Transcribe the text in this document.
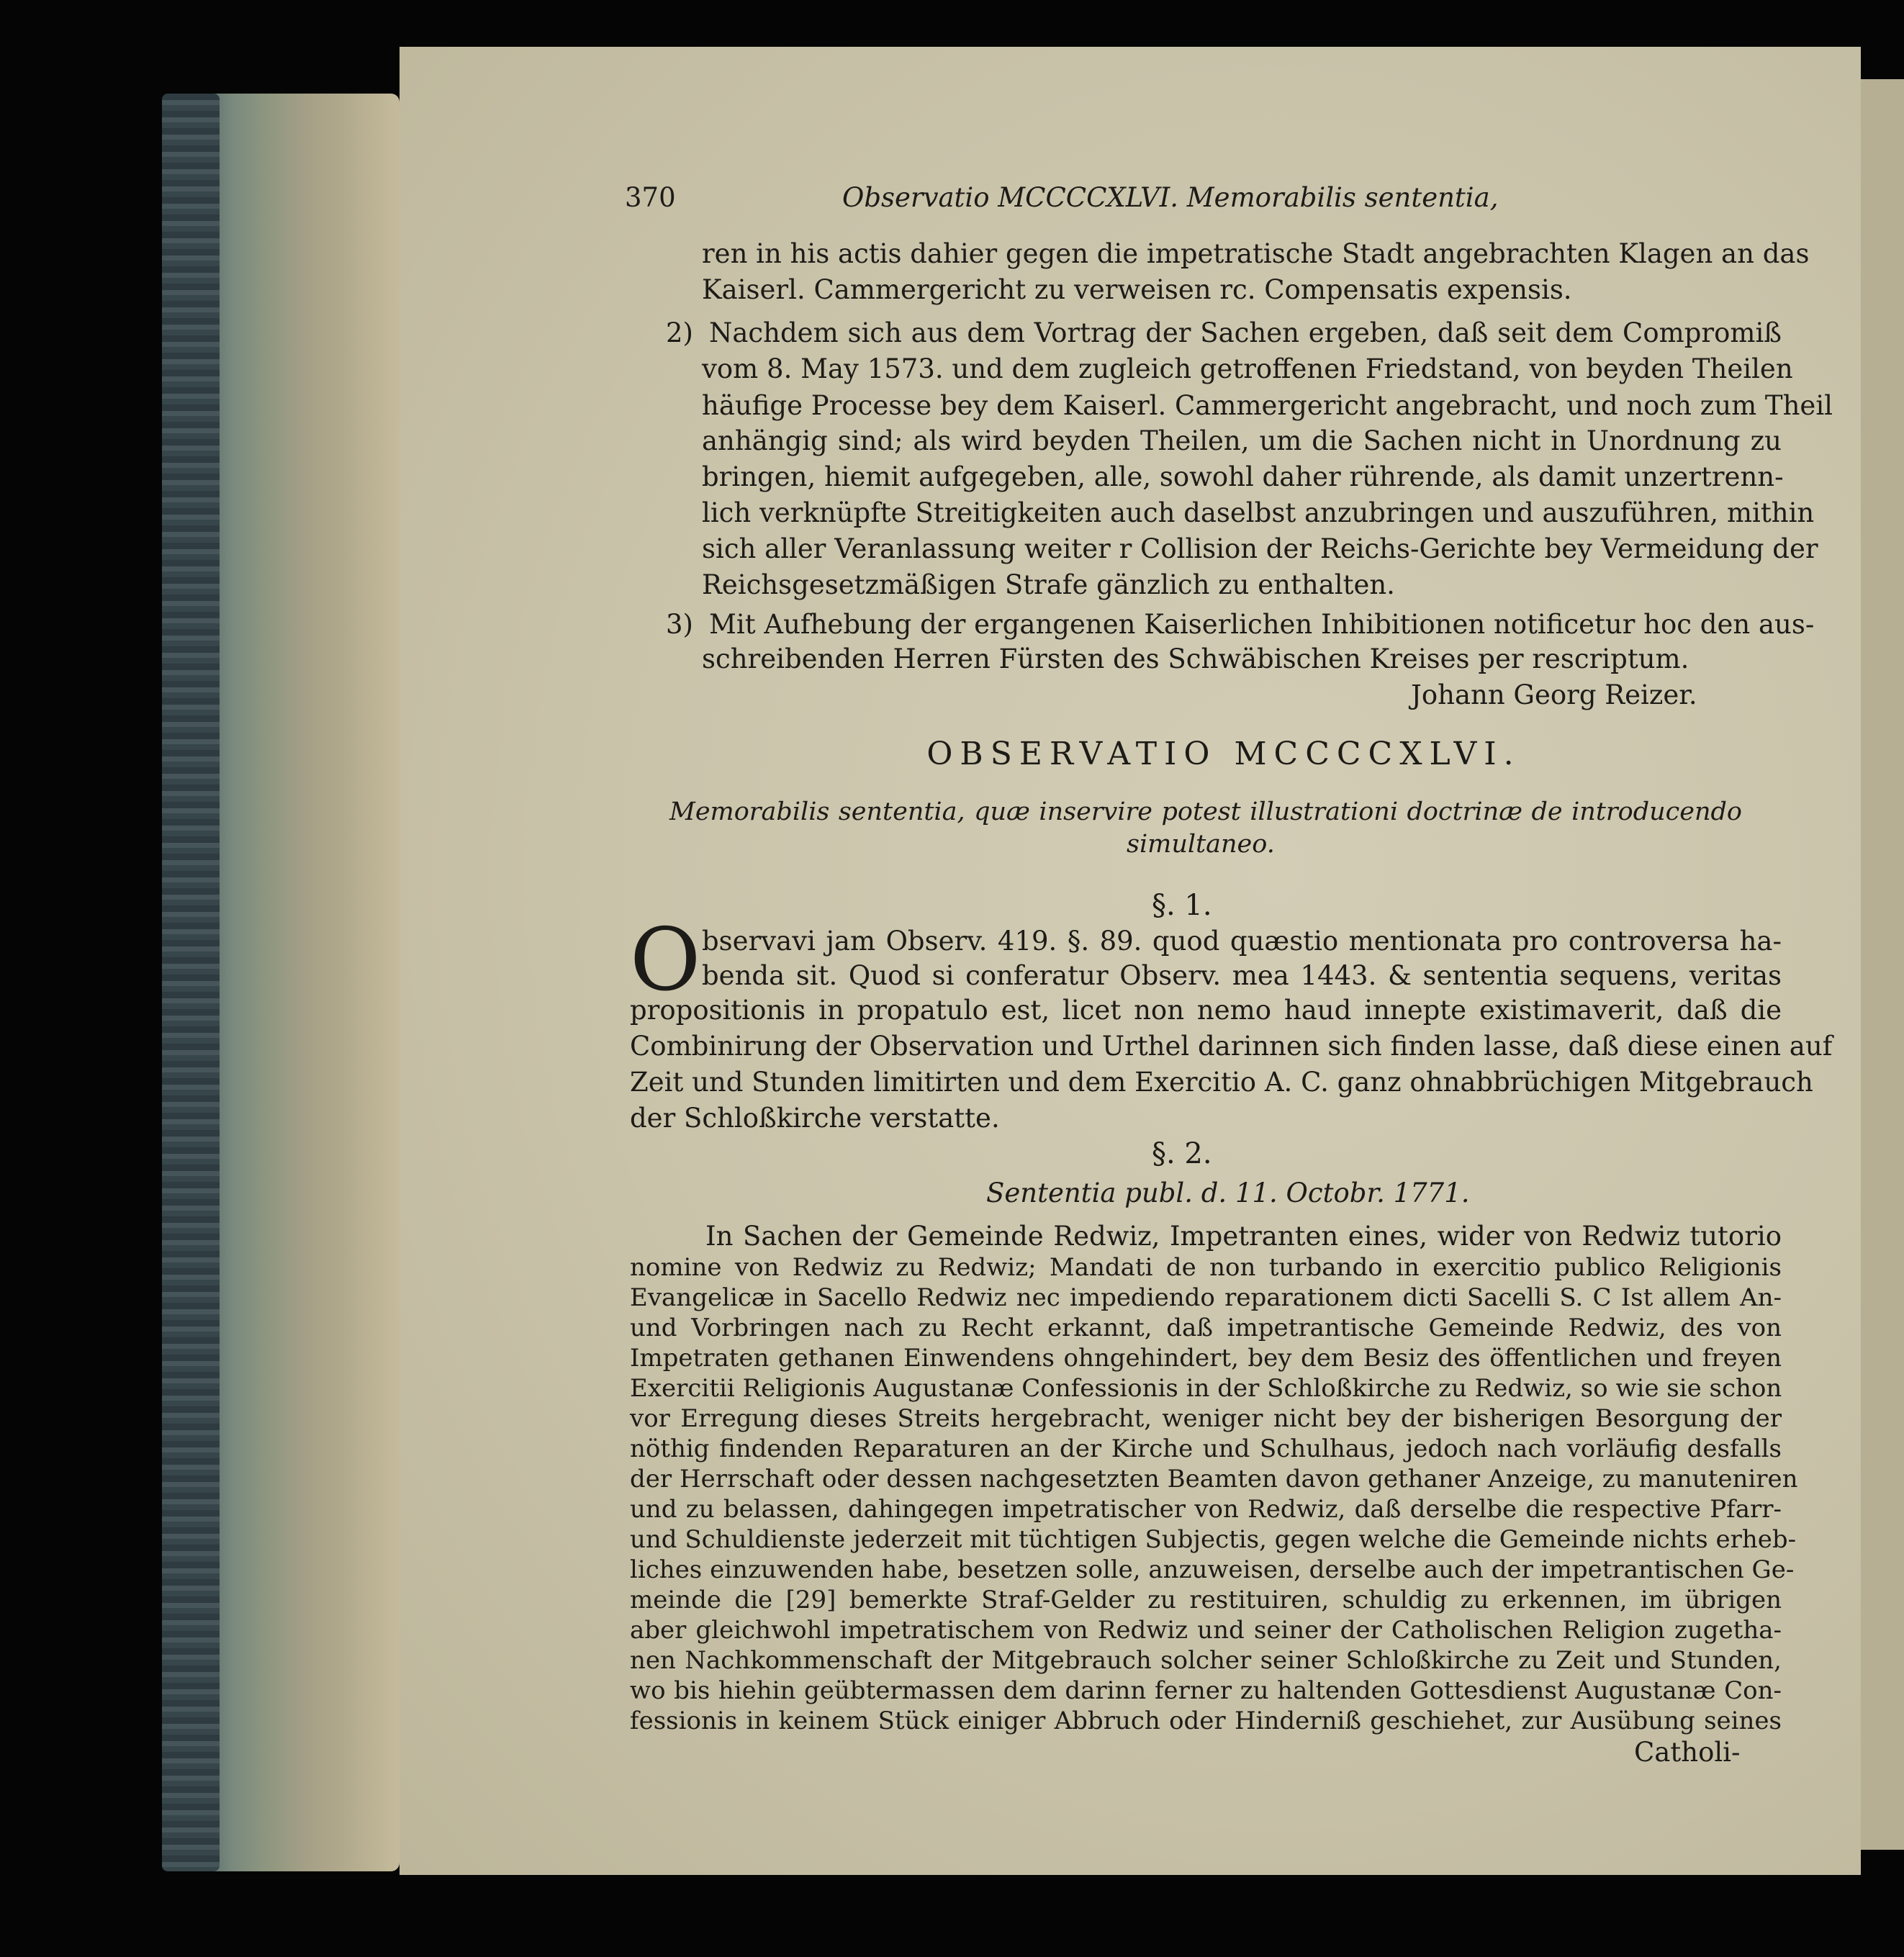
370	Observatio MCCCCXLVI. Memorabilis sententia,
ren in his actis dahier gegen die impetratische Stadt angebrachten Klagen an das
Kaiserl. Cammergericht zu verweisen rc. Compensatis expensis.
2) Nachdem sich aus dem Vortrag der Sachen ergeben, daß seit dem Compromiß
vom 8. May 1573. und dem zugleich getroffenen Friedstand, von beyden Theilen
häufige Processe bey dem Kaiserl. Cammergericht angebracht, und noch zum Theil
anhängig sind; als wird beyden Theilen, um die Sachen nicht in Unordnung zu
bringen, hiemit aufgegeben, alle, sowohl daher rührende, als damit unzertrenn-
lich verknüpfte Streitigkeiten auch daselbst anzubringen und auszuführen, mithin
sich aller Veranlassung weiter r Collision der Reichs-Gerichte bey Vermeidung der
Reichsgesetzmäßigen Strafe gänzlich zu enthalten.
3) Mit Aufhebung der ergangenen Kaiserlichen Inhibitionen notificetur hoc den aus-
schreibenden Herren Fürsten des Schwäbischen Kreises per rescriptum.
Johann Georg Reizer.
OBSERVATIO MCCCCXLVI.
Memorabilis sententia, quæ inservire potest illustrationi doctrinæ de introducendo
simultaneo.
§. 1.
O bservavi jam Observ. 419. §. 89. quod quæstio mentionata pro controversa ha-
benda sit. Quod si conferatur Observ. mea 1443. & sententia sequens, veritas
propositionis in propatulo est, licet non nemo haud innepte existimaverit, daß die
Combinirung der Observation und Urthel darinnen sich finden lasse, daß diese einen auf
Zeit und Stunden limitirten und dem Exercitio A. C. ganz ohnabbrüchigen Mitgebrauch
der Schloßkirche verstatte.
§. 2.
Sententia publ. d. 11. Octobr. 1771.
In Sachen der Gemeinde Redwiz, Impetranten eines, wider von Redwiz tutorio
nomine von Redwiz zu Redwiz; Mandati de non turbando in exercitio publico Religionis
Evangelicæ in Sacello Redwiz nec impediendo reparationem dicti Sacelli S. C Ist allem An-
und Vorbringen nach zu Recht erkannt, daß impetrantische Gemeinde Redwiz, des von
Impetraten gethanen Einwendens ohngehindert, bey dem Besiz des öffentlichen und freyen
Exercitii Religionis Augustanæ Confessionis in der Schloßkirche zu Redwiz, so wie sie schon
vor Erregung dieses Streits hergebracht, weniger nicht bey der bisherigen Besorgung der
nöthig findenden Reparaturen an der Kirche und Schulhaus, jedoch nach vorläufig desfalls
der Herrschaft oder dessen nachgesetzten Beamten davon gethaner Anzeige, zu manuteniren
und zu belassen, dahingegen impetratischer von Redwiz, daß derselbe die respective Pfarr-
und Schuldienste jederzeit mit tüchtigen Subjectis, gegen welche die Gemeinde nichts erheb-
liches einzuwenden habe, besetzen solle, anzuweisen, derselbe auch der impetrantischen Ge-
meinde die [29] bemerkte Straf-Gelder zu restituiren, schuldig zu erkennen, im übrigen
aber gleichwohl impetratischem von Redwiz und seiner der Catholischen Religion zugetha-
nen Nachkommenschaft der Mitgebrauch solcher seiner Schloßkirche zu Zeit und Stunden,
wo bis hiehin geübtermassen dem darinn ferner zu haltenden Gottesdienst Augustanæ Con-
fessionis in keinem Stück einiger Abbruch oder Hinderniß geschiehet, zur Ausübung seines
Catholi-
